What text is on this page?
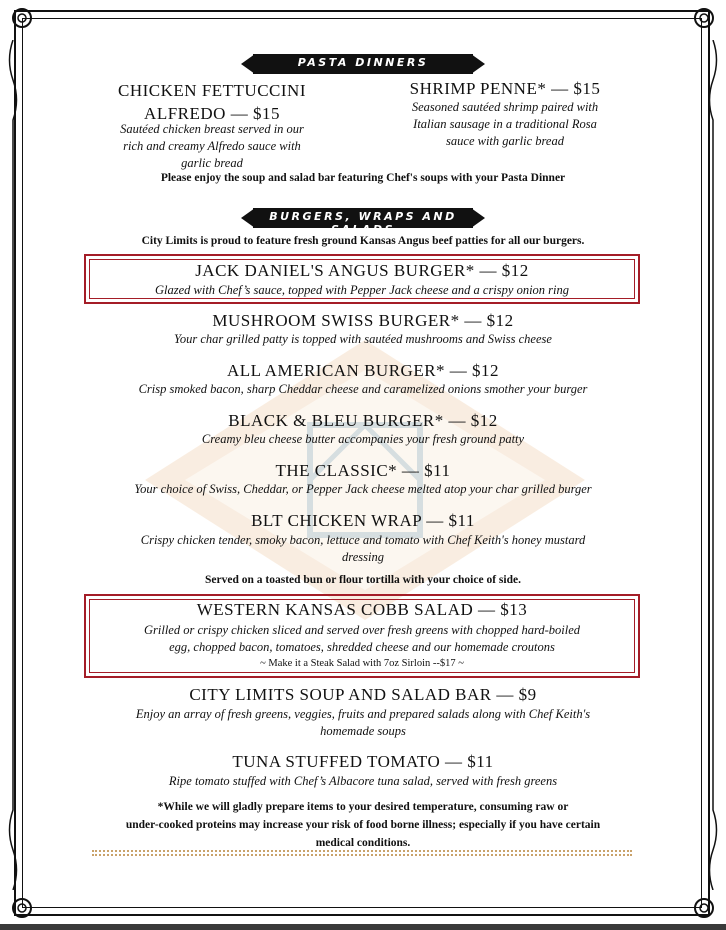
PASTA DINNERS
CHICKEN FETTUCCINI
ALFREDO — $15
Sautéed chicken breast served in our
rich and creamy Alfredo sauce with
garlic bread
SHRIMP PENNE* — $15
Seasoned sautéed shrimp paired with
Italian sausage in a traditional Rosa
sauce with garlic bread
Please enjoy the soup and salad bar featuring Chef's soups with your Pasta Dinner
BURGERS, WRAPS AND SALADS
City Limits is proud to feature fresh ground Kansas Angus beef patties for all our burgers.
JACK DANIEL'S ANGUS BURGER* — $12
Glazed with Chef’s sauce, topped with Pepper Jack cheese and a crispy onion ring
MUSHROOM SWISS BURGER* — $12
Your char grilled patty is topped with sautéed mushrooms and Swiss cheese
ALL AMERICAN BURGER* — $12
Crisp smoked bacon, sharp Cheddar cheese and caramelized onions smother your burger
BLACK & BLEU BURGER* — $12
Creamy bleu cheese butter accompanies your fresh ground patty
THE CLASSIC* — $11
Your choice of Swiss, Cheddar, or Pepper Jack cheese melted atop your char grilled burger
BLT CHICKEN WRAP — $11
Crispy chicken tender, smoky bacon, lettuce and tomato with Chef Keith's honey mustard
dressing
Served on a toasted bun or flour tortilla with your choice of side.
WESTERN KANSAS COBB SALAD — $13
Grilled or crispy chicken sliced and served over fresh greens with chopped hard-boiled
egg, chopped bacon, tomatoes, shredded cheese and our homemade croutons
~ Make it a Steak Salad with 7oz Sirloin --$17 ~
CITY LIMITS SOUP AND SALAD BAR — $9
Enjoy an array of fresh greens, veggies, fruits and prepared salads along with Chef Keith's
homemade soups
TUNA STUFFED TOMATO — $11
Ripe tomato stuffed with Chef’s Albacore tuna salad, served with fresh greens
*While we will gladly prepare items to your desired temperature, consuming raw or
under-cooked proteins may increase your risk of food borne illness; especially if you have certain
medical conditions.
